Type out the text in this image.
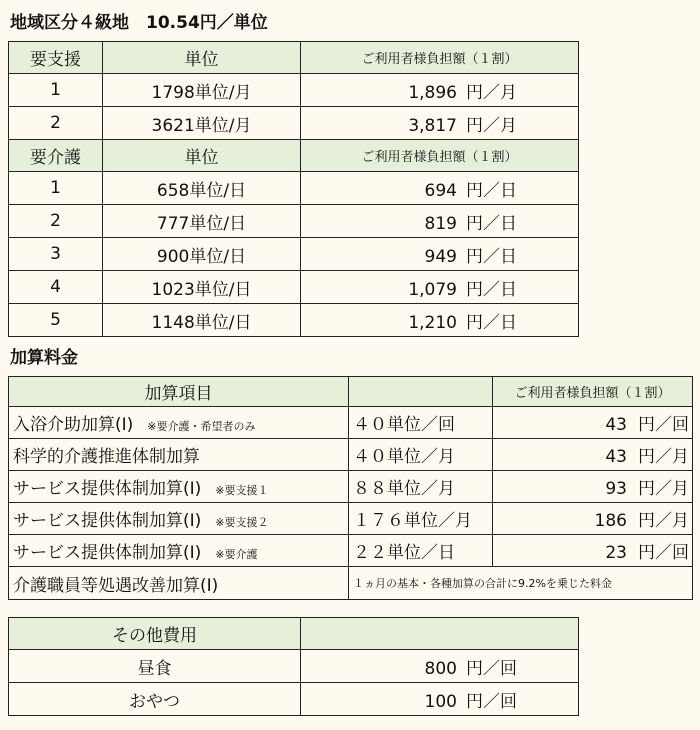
地域区分４級地　10.54円／単位
要支援	単位	ご利用者様負担額（１割）
1	1798単位/月	1,896 円／月
2	3621単位/月	3,817 円／月
要介護	単位	ご利用者様負担額（１割）
1	658単位/日	694 円／日
2	777単位/日	819 円／日
3	900単位/日	949 円／日
4	1023単位/日	1,079 円／日
5	1148単位/日	1,210 円／日
加算料金
加算項目		ご利用者様負担額（１割）
入浴介助加算(Ⅰ) ※要介護・希望者のみ	４０単位／回	43 円／回
科学的介護推進体制加算	４０単位／月	43 円／月
サービス提供体制加算(Ⅰ) ※要支援１	８８単位／月	93 円／月
サービス提供体制加算(Ⅰ) ※要支援２	１７６単位／月	186 円／月
サービス提供体制加算(Ⅰ) ※要介護	２２単位／日	23 円／回
介護職員等処遇改善加算(Ⅰ)	１ヵ月の基本・各種加算の合計に9.2%を乗じた料金	
その他費用	
昼食	800 円／回
おやつ	100 円／回
